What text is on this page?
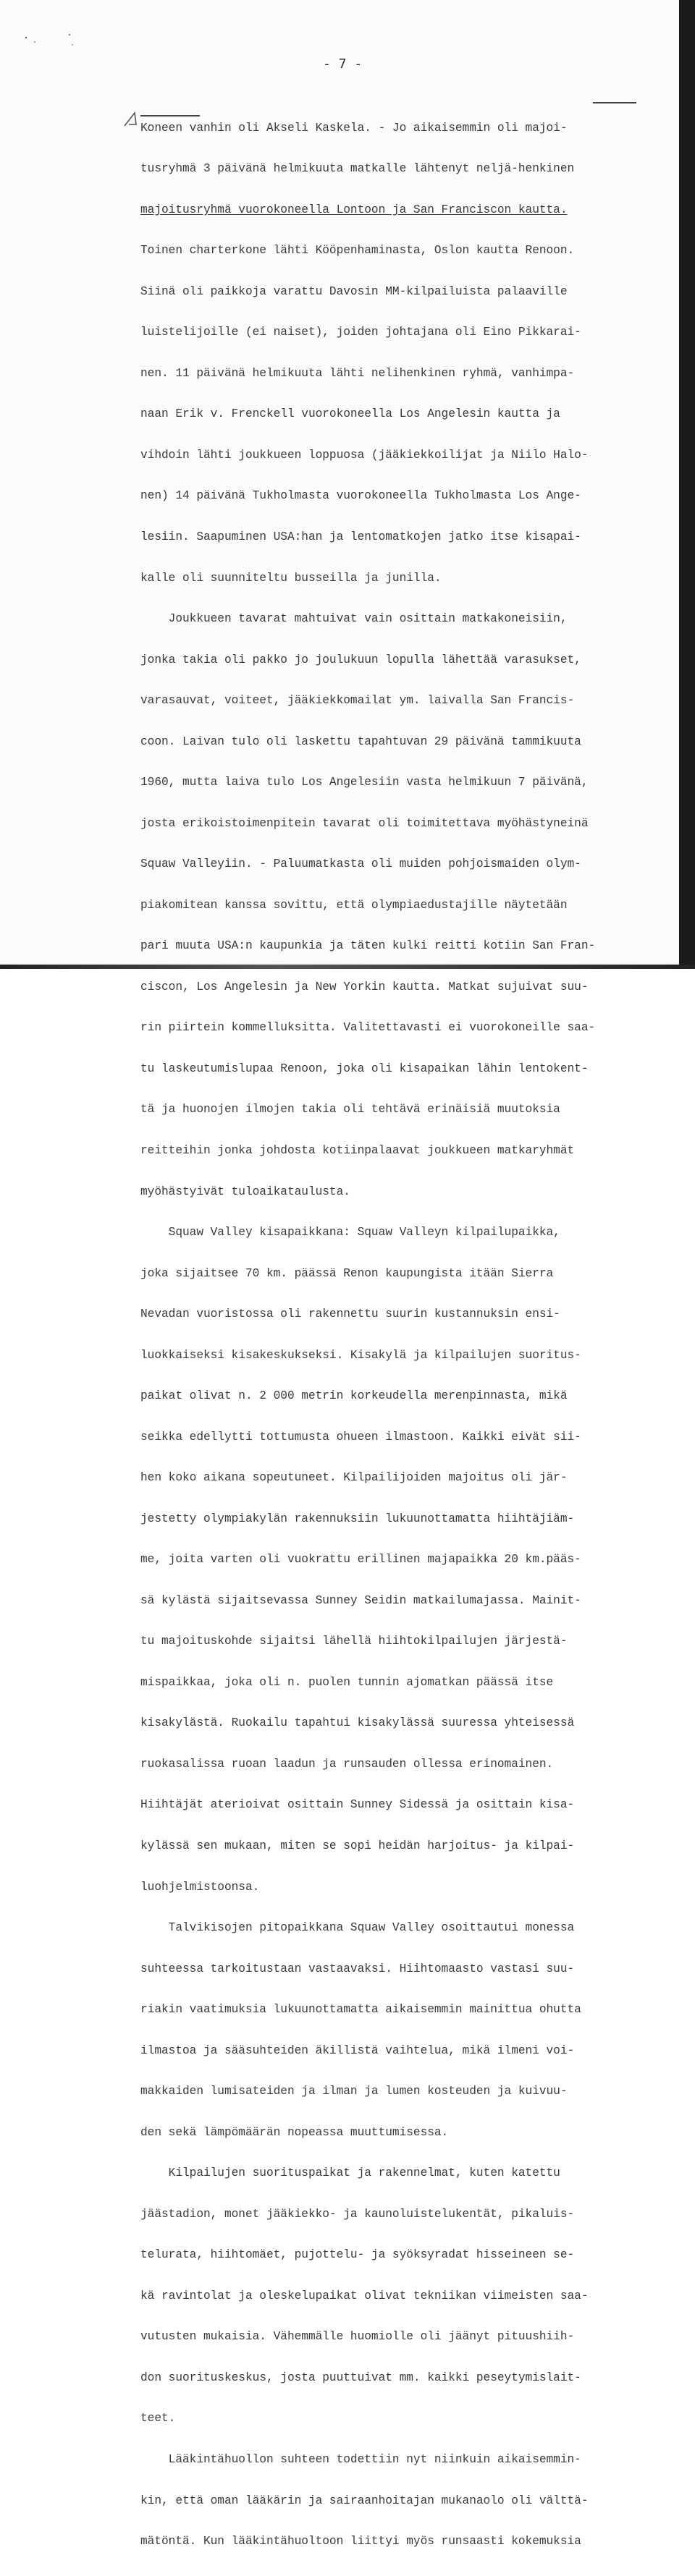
- 7 -

Koneen vanhin oli Akseli Kaskela. - Jo aikaisemmin oli majoi-

tusryhmä 3 päivänä helmikuuta matkalle lähtenyt neljä-henkinen

majoitusryhmä vuorokoneella Lontoon ja San Franciscon kautta.

Toinen charterkone lähti Kööpenhaminasta, Oslon kautta Renoon.

Siinä oli paikkoja varattu Davosin MM-kilpailuista palaaville

luistelijoille (ei naiset), joiden johtajana oli Eino Pikkarai-

nen. 11 päivänä helmikuuta lähti nelihenkinen ryhmä, vanhimpa-

naan Erik v. Frenckell vuorokoneella Los Angelesin kautta ja

vihdoin lähti joukkueen loppuosa (jääkiekkoilijat ja Niilo Halo-

nen) 14 päivänä Tukholmasta vuorokoneella Tukholmasta Los Ange-

lesiin. Saapuminen USA:han ja lentomatkojen jatko itse kisapai-

kalle oli suunniteltu busseilla ja junilla.

Joukkueen tavarat mahtuivat vain osittain matkakoneisiin,

jonka takia oli pakko jo joulukuun lopulla lähettää varasukset,

varasauvat, voiteet, jääkiekkomailat ym. laivalla San Francis-

coon. Laivan tulo oli laskettu tapahtuvan 29 päivänä tammikuuta

1960, mutta laiva tulo Los Angelesiin vasta helmikuun 7 päivänä,

josta erikoistoimenpitein tavarat oli toimitettava myöhästyneinä

Squaw Valleyiin. - Paluumatkasta oli muiden pohjoismaiden olym-

piakomitean kanssa sovittu, että olympiaedustajille näytetään

pari muuta USA:n kaupunkia ja täten kulki reitti kotiin San Fran-

ciscon, Los Angelesin ja New Yorkin kautta. Matkat sujuivat suu-

rin piirtein kommelluksitta. Valitettavasti ei vuorokoneille saa-

tu laskeutumislupaa Renoon, joka oli kisapaikan lähin lentokent-

tä ja huonojen ilmojen takia oli tehtävä erinäisiä muutoksia

reitteihin jonka johdosta kotiinpalaavat joukkueen matkaryhmät

myöhästyivät tuloaikataulusta.

Squaw Valley kisapaikkana: Squaw Valleyn kilpailupaikka,

joka sijaitsee 70 km. päässä Renon kaupungista itään Sierra

Nevadan vuoristossa oli rakennettu suurin kustannuksin ensi-

luokkaiseksi kisakeskukseksi. Kisakylä ja kilpailujen suoritus-

paikat olivat n. 2 000 metrin korkeudella merenpinnasta, mikä

seikka edellytti tottumusta ohueen ilmastoon. Kaikki eivät sii-

hen koko aikana sopeutuneet. Kilpailijoiden majoitus oli jär-

jestetty olympiakylän rakennuksiin lukuunottamatta hiihtäjiäm-

me, joita varten oli vuokrattu erillinen majapaikka 20 km.pääs-

sä kylästä sijaitsevassa Sunney Seidin matkailumajassa. Mainit-

tu majoituskohde sijaitsi lähellä hiihtokilpailujen järjestä-

mispaikkaa, joka oli n. puolen tunnin ajomatkan päässä itse

kisakylästä. Ruokailu tapahtui kisakylässä suuressa yhteisessä

ruokasalissa ruoan laadun ja runsauden ollessa erinomainen.

Hiihtäjät aterioivat osittain Sunney Sidessä ja osittain kisa-

kylässä sen mukaan, miten se sopi heidän harjoitus- ja kilpai-

luohjelmistoonsa.

Talvikisojen pitopaikkana Squaw Valley osoittautui monessa

suhteessa tarkoitustaan vastaavaksi. Hiihtomaasto vastasi suu-

riakin vaatimuksia lukuunottamatta aikaisemmin mainittua ohutta

ilmastoa ja sääsuhteiden äkillistä vaihtelua, mikä ilmeni voi-

makkaiden lumisateiden ja ilman ja lumen kosteuden ja kuivuu-

den sekä lämpömäärän nopeassa muuttumisessa.

Kilpailujen suorituspaikat ja rakennelmat, kuten katettu

jäästadion, monet jääkiekko- ja kaunoluistelukentät, pikaluis-

telurata, hiihtomäet, pujottelu- ja syöksyradat hisseineen se-

kä ravintolat ja oleskelupaikat olivat tekniikan viimeisten saa-

vutusten mukaisia. Vähemmälle huomiolle oli jäänyt pituushiih-

don suorituskeskus, josta puuttuivat mm. kaikki peseytymislait-

teet.

Lääkintähuollon suhteen todettiin nyt niinkuin aikaisemmin-

kin, että oman lääkärin ja sairaanhoitajan mukanaolo oli välttä-

mätöntä. Kun lääkintähuoltoon liittyi myös runsaasti kokemuksia
